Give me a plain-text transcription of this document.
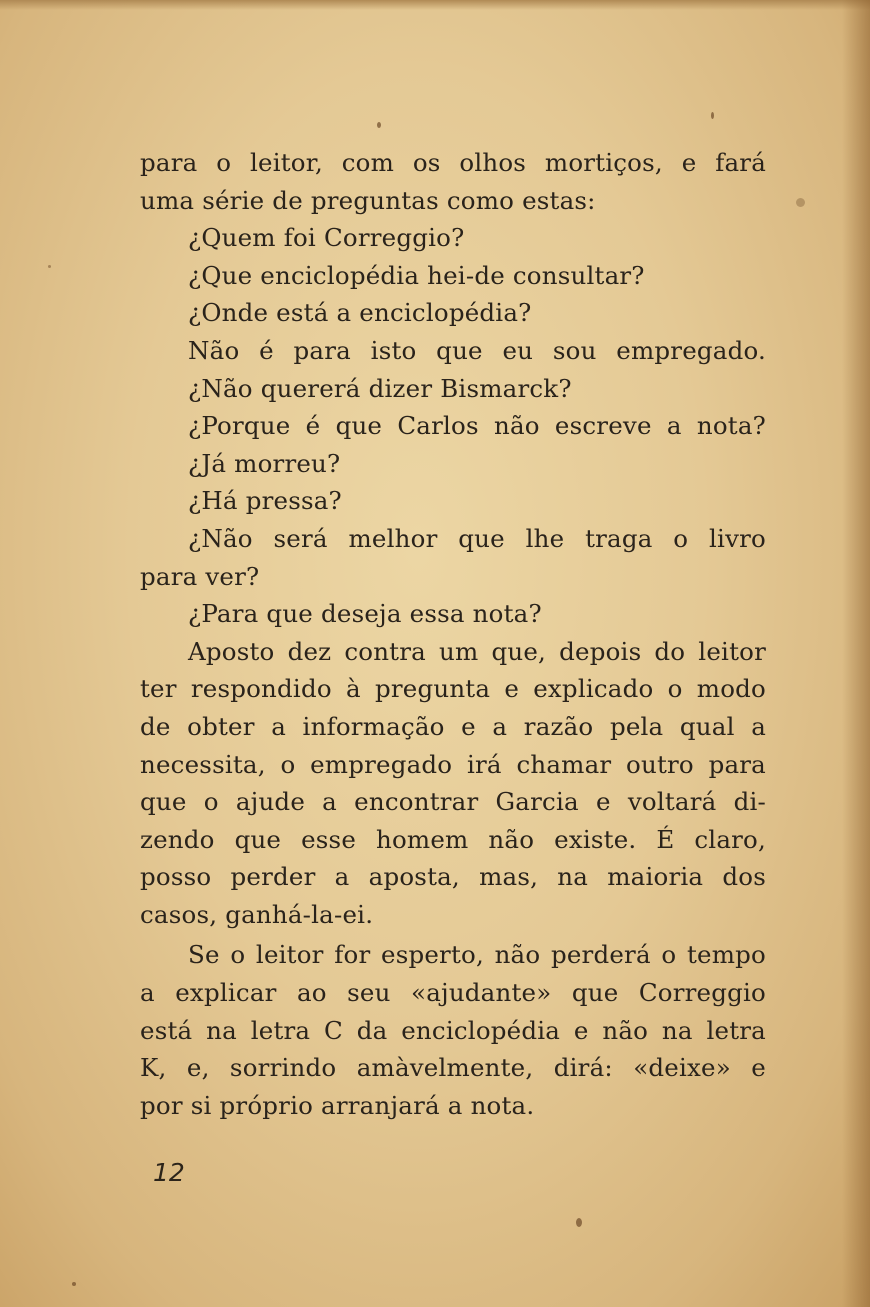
para o leitor, com os olhos mortiços, e fará
uma série de preguntas como estas:
¿Quem foi Correggio?
¿Que enciclopédia hei-de consultar?
¿Onde está a enciclopédia?
Não é para isto que eu sou empregado.
¿Não quererá dizer Bismarck?
¿Porque é que Carlos não escreve a nota?
¿Já morreu?
¿Há pressa?
¿Não será melhor que lhe traga o livro
para ver?
¿Para que deseja essa nota?
Aposto dez contra um que, depois do leitor
ter respondido à pregunta e explicado o modo
de obter a informação e a razão pela qual a
necessita, o empregado irá chamar outro para
que o ajude a encontrar Garcia e voltará di-
zendo que esse homem não existe. É claro,
posso perder a aposta, mas, na maioria dos
casos, ganhá-la-ei.
Se o leitor for esperto, não perderá o tempo
a explicar ao seu «ajudante» que Correggio
está na letra C da enciclopédia e não na letra
K, e, sorrindo amàvelmente, dirá: «deixe» e
por si próprio arranjará a nota.
12
